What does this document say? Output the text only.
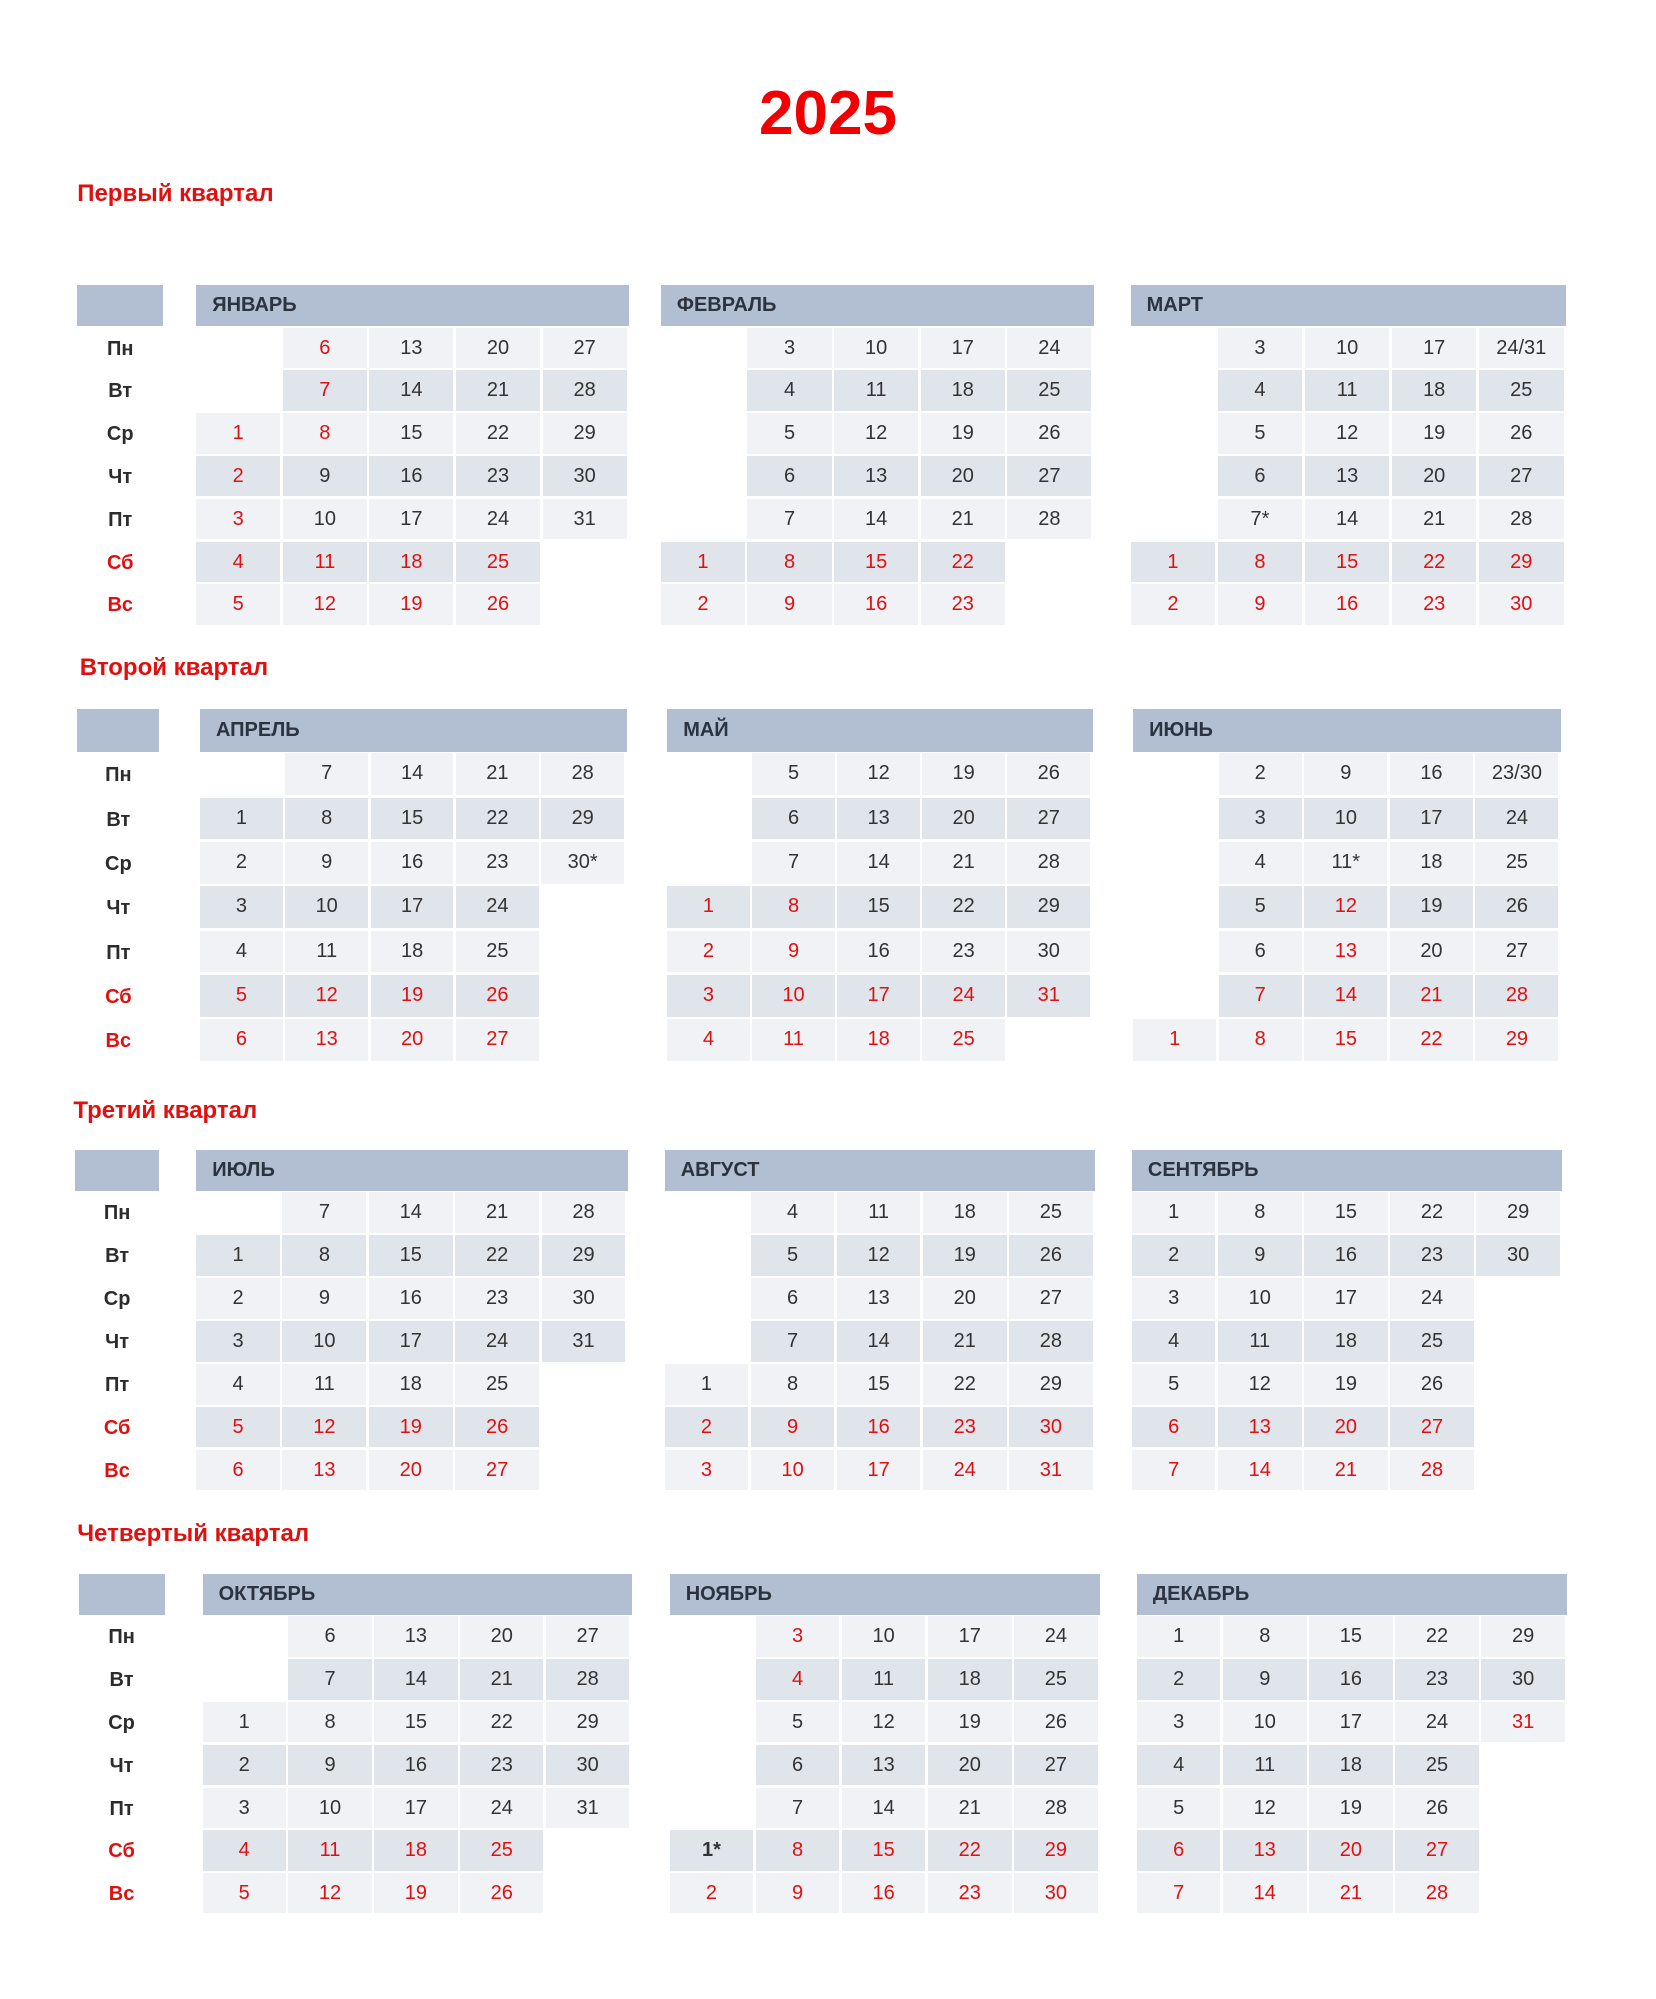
2025
Первый квартал
Пн
Вт
Ср
Чт
Пт
Сб
Вс
ЯНВАРЬ
1
2
3
4
5
6
7
8
9
10
11
12
13
14
15
16
17
18
19
20
21
22
23
24
25
26
27
28
29
30
31
ФЕВРАЛЬ
1
2
3
4
5
6
7
8
9
10
11
12
13
14
15
16
17
18
19
20
21
22
23
24
25
26
27
28
МАРТ
1
2
3
4
5
6
7*
8
9
10
11
12
13
14
15
16
17
18
19
20
21
22
23
24/31
25
26
27
28
29
30
Второй квартал
Пн
Вт
Ср
Чт
Пт
Сб
Вс
АПРЕЛЬ
1
2
3
4
5
6
7
8
9
10
11
12
13
14
15
16
17
18
19
20
21
22
23
24
25
26
27
28
29
30*
МАЙ
1
2
3
4
5
6
7
8
9
10
11
12
13
14
15
16
17
18
19
20
21
22
23
24
25
26
27
28
29
30
31
ИЮНЬ
1
2
3
4
5
6
7
8
9
10
11*
12
13
14
15
16
17
18
19
20
21
22
23/30
24
25
26
27
28
29
Третий квартал
Пн
Вт
Ср
Чт
Пт
Сб
Вс
ИЮЛЬ
1
2
3
4
5
6
7
8
9
10
11
12
13
14
15
16
17
18
19
20
21
22
23
24
25
26
27
28
29
30
31
АВГУСТ
1
2
3
4
5
6
7
8
9
10
11
12
13
14
15
16
17
18
19
20
21
22
23
24
25
26
27
28
29
30
31
СЕНТЯБРЬ
1
2
3
4
5
6
7
8
9
10
11
12
13
14
15
16
17
18
19
20
21
22
23
24
25
26
27
28
29
30
Четвертый квартал
Пн
Вт
Ср
Чт
Пт
Сб
Вс
ОКТЯБРЬ
1
2
3
4
5
6
7
8
9
10
11
12
13
14
15
16
17
18
19
20
21
22
23
24
25
26
27
28
29
30
31
НОЯБРЬ
1*
2
3
4
5
6
7
8
9
10
11
12
13
14
15
16
17
18
19
20
21
22
23
24
25
26
27
28
29
30
ДЕКАБРЬ
1
2
3
4
5
6
7
8
9
10
11
12
13
14
15
16
17
18
19
20
21
22
23
24
25
26
27
28
29
30
31
